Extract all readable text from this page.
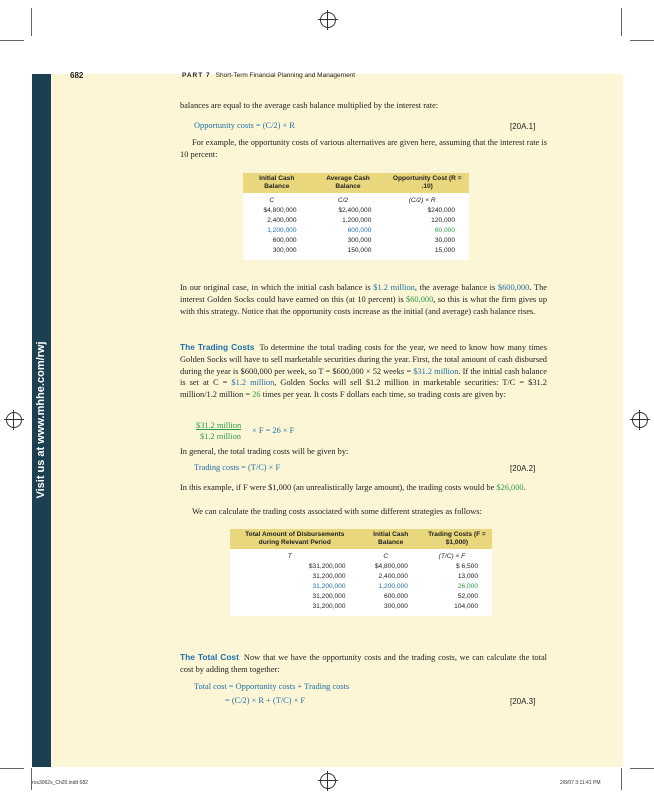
Visit us at www.mhhe.com/rwj
682	PART 7 Short-Term Financial Planning and Management

balances are equal to the average cash balance multiplied by the interest rate:

Opportunity costs = (C/2) × R	[20A.1]

For example, the opportunity costs of various alternatives are given here, assuming that the interest rate is 10 percent:

Initial Cash Balance	Average Cash Balance	Opportunity Cost (R = .10)
C	C/2	(C/2) × R
$4,800,000	$2,400,000	$240,000
2,400,000	1,200,000	120,000
1,200,000	600,000	60,000
600,000	300,000	30,000
300,000	150,000	15,000

In our original case, in which the initial cash balance is $1.2 million, the average balance is $600,000. The interest Golden Socks could have earned on this (at 10 percent) is $60,000, so this is what the firm gives up with this strategy. Notice that the opportunity costs increase as the initial (and average) cash balance rises.

The Trading Costs To determine the total trading costs for the year, we need to know how many times Golden Socks will have to sell marketable securities during the year. First, the total amount of cash disbursed during the year is $600,000 per week, so T = $600,000 × 52 weeks = $31.2 million. If the initial cash balance is set at C = $1.2 million, Golden Socks will sell $1.2 million in marketable securities: T/C = $31.2 million/1.2 million = 26 times per year. It costs F dollars each time, so trading costs are given by:

$31.2 million
$1.2 million
× F = 26 × F

In general, the total trading costs will be given by:

Trading costs = (T/C) × F	[20A.2]

In this example, if F were $1,000 (an unrealistically large amount), the trading costs would be $26,000.

We can calculate the trading costs associated with some different strategies as follows:

Total Amount of Disbursements during Relevant Period	Initial Cash Balance	Trading Costs (F = $1,000)
T	C	(T/C) × F
$31,200,000	$4,800,000	$ 6,500
31,200,000	2,400,000	13,000
31,200,000	1,200,000	26,000
31,200,000	600,000	52,000
31,200,000	300,000	104,000

The Total Cost Now that we have the opportunity costs and the trading costs, we can calculate the total cost by adding them together:

Total cost = Opportunity costs + Trading costs
= (C/2) × R + (T/C) × F	[20A.3]
ros3062x_Ch20.indd 682	2/8/07 3:11:41 PM
